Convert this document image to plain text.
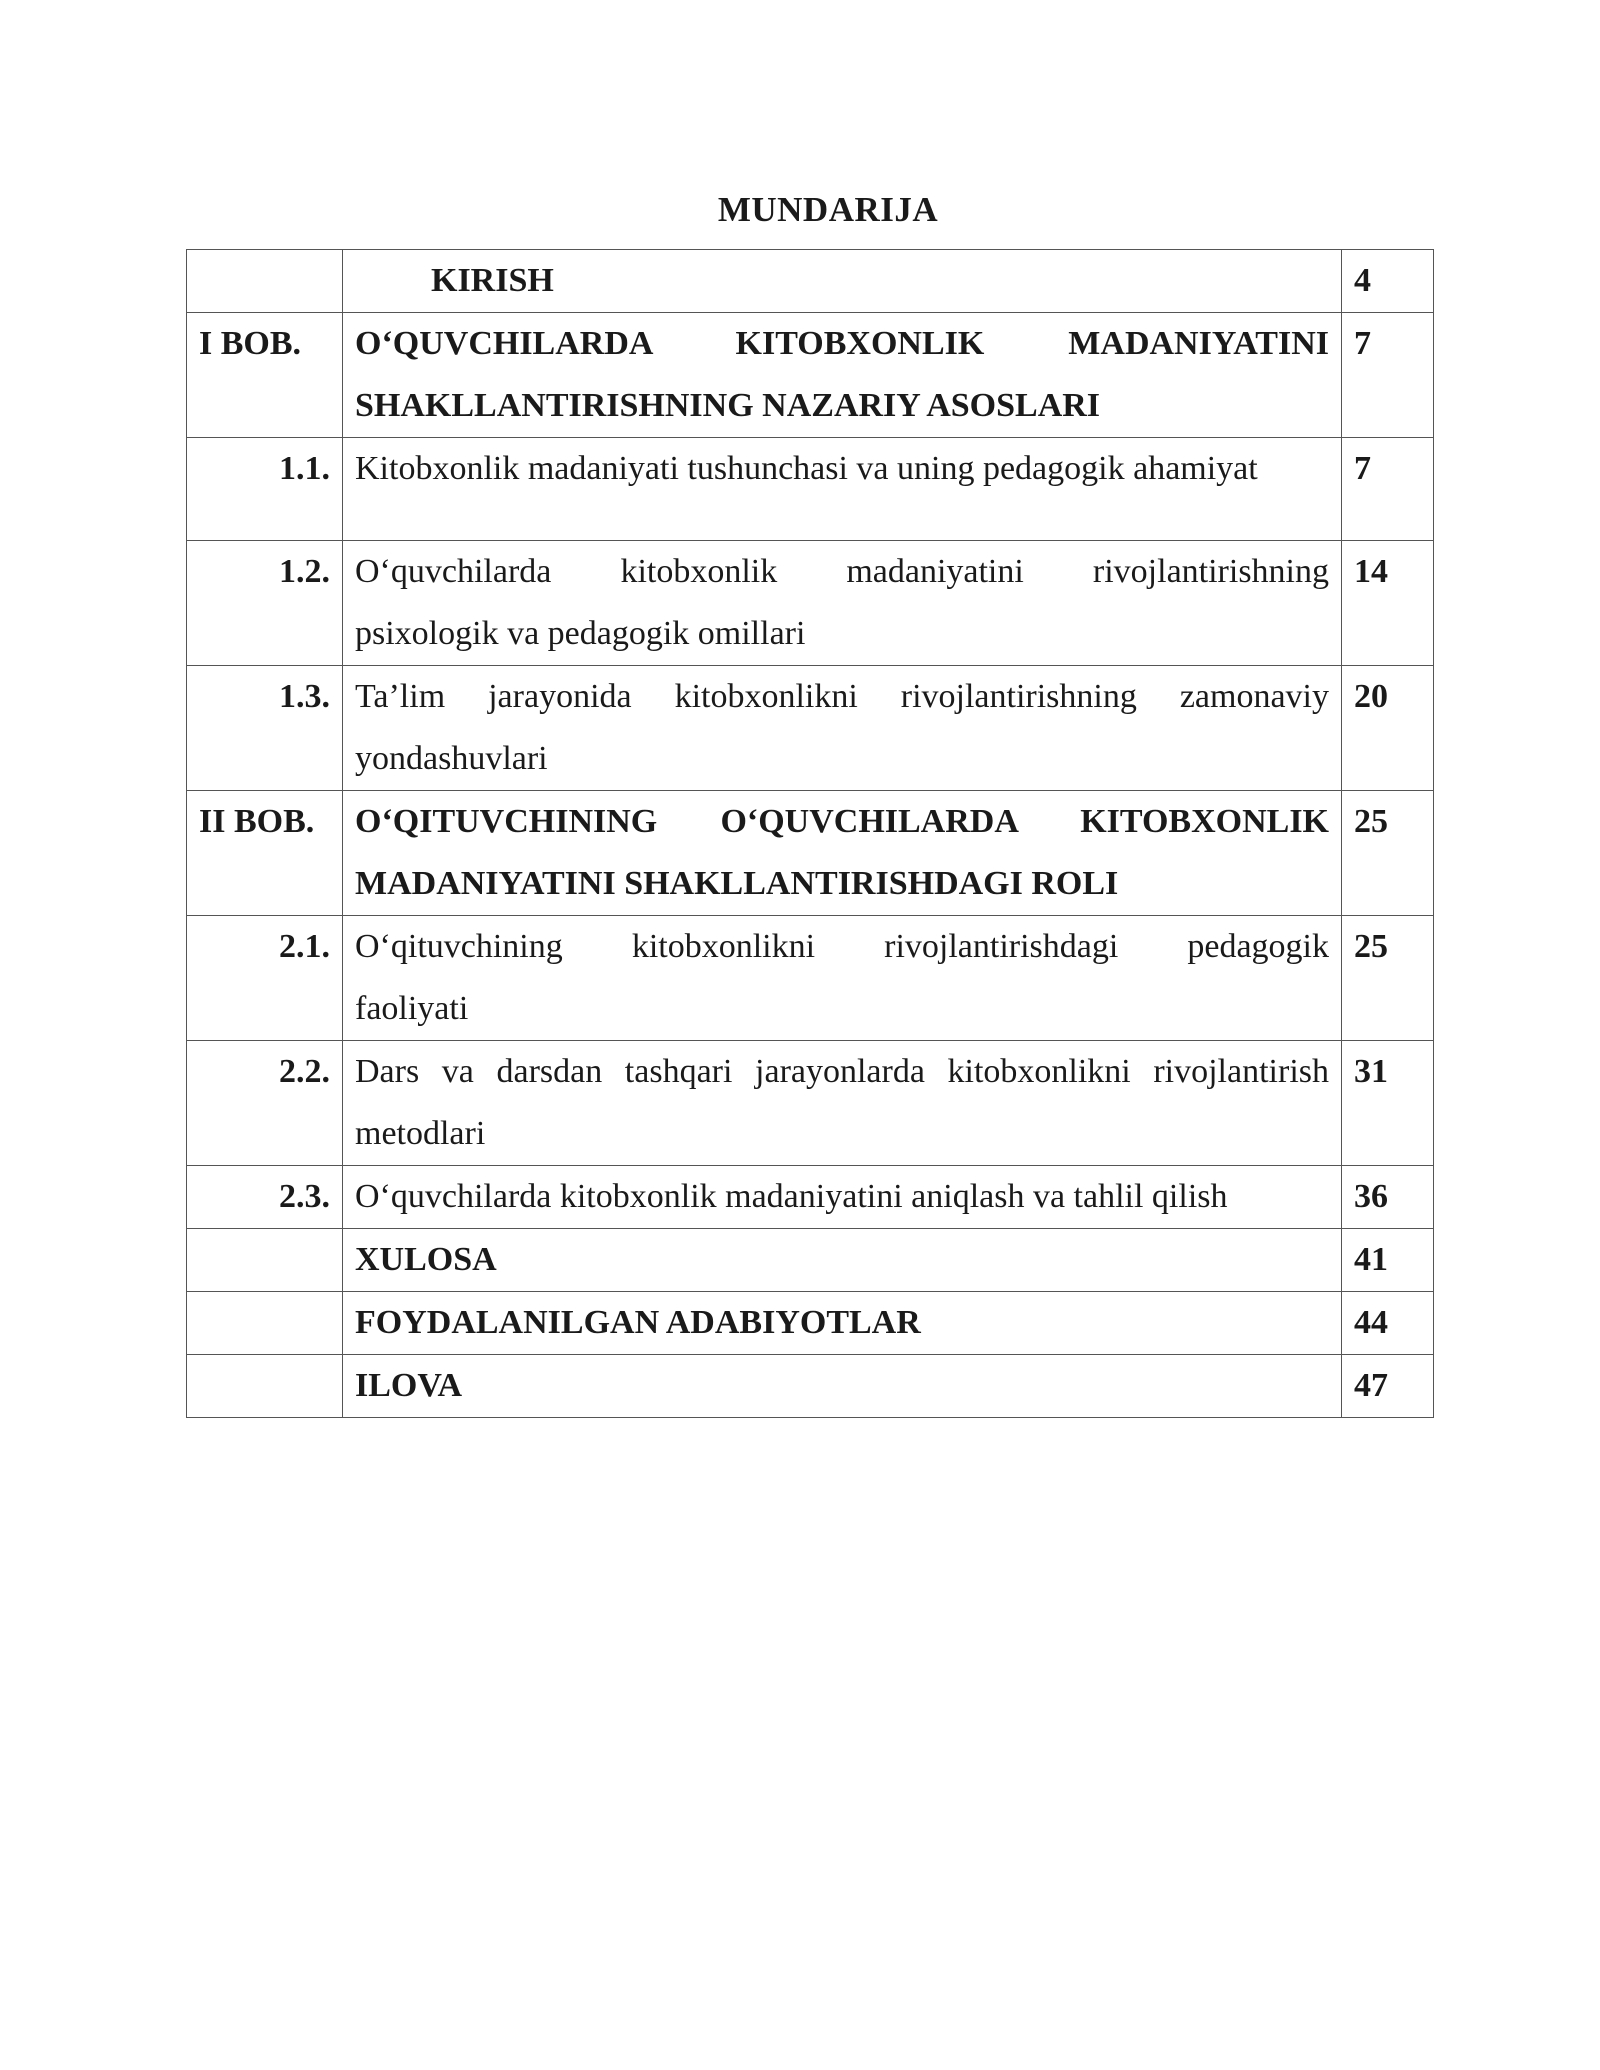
MUNDARIJA
	KIRISH	4
I BOB.	O‘QUVCHILARDA KITOBXONLIK MADANIYATINI
SHAKLLANTIRISHNING NAZARIY ASOSLARI	7
1.1.	Kitobxonlik madaniyati tushunchasi va uning pedagogik ahamiyat	7
1.2.	O‘quvchilarda kitobxonlik madaniyatini rivojlantirishning
psixologik va pedagogik omillari	14
1.3.	Ta’lim jarayonida kitobxonlikni rivojlantirishning zamonaviy
yondashuvlari	20
II BOB.	O‘QITUVCHINING O‘QUVCHILARDA KITOBXONLIK
MADANIYATINI SHAKLLANTIRISHDAGI ROLI	25
2.1.	O‘qituvchining kitobxonlikni rivojlantirishdagi pedagogik
faoliyati	25
2.2.	Dars va darsdan tashqari jarayonlarda kitobxonlikni rivojlantirish
metodlari	31
2.3.	O‘quvchilarda kitobxonlik madaniyatini aniqlash va tahlil qilish	36
	XULOSA	41
	FOYDALANILGAN ADABIYOTLAR	44
	ILOVA	47
